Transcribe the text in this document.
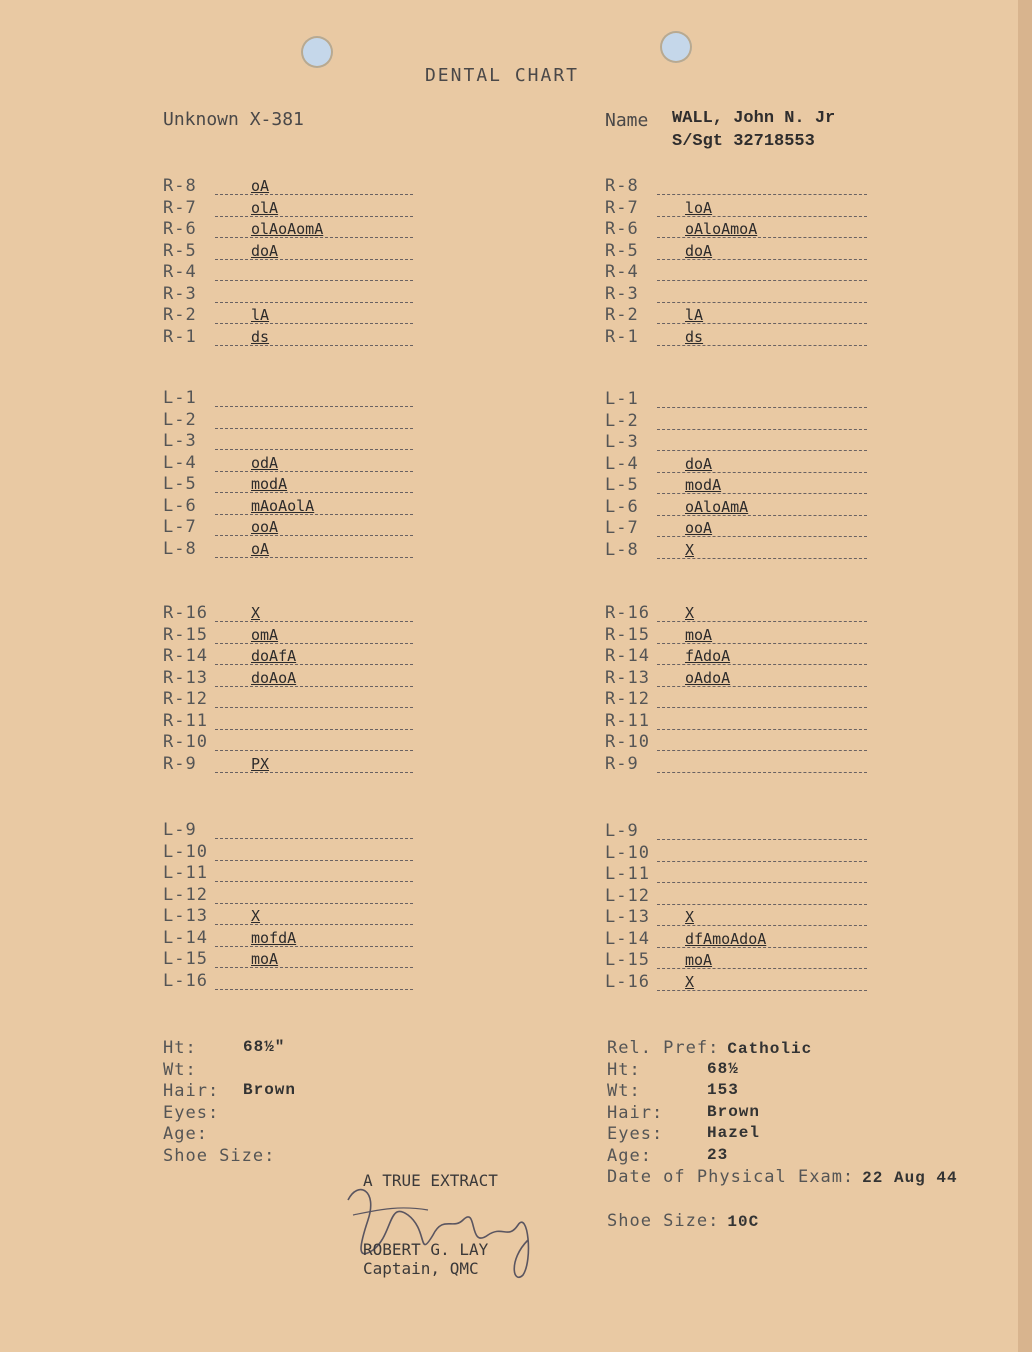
DENTAL CHART
Unknown X-381	Name WALL, John N. Jr
S/Sgt 32718553
R-8	oA
R-7	olA
R-6	olAoAomA
R-5	doA
R-4
R-3
R-2	lA
R-1	ds
L-1
L-2
L-3
L-4	odA
L-5	modA
L-6	mAoAolA
L-7	ooA
L-8	oA
R-16	X
R-15	omA
R-14	doAfA
R-13	doAoA
R-12
R-11
R-10
R-9	PX
L-9
L-10
L-11
L-12
L-13	X
L-14	mofdA
L-15	moA
L-16
R-8
R-7	loA
R-6	oAloAmoA
R-5	doA
R-4
R-3
R-2	lA
R-1	ds
L-1
L-2
L-3
L-4	doA
L-5	modA
L-6	oAloAmA
L-7	ooA
L-8	X
R-16 X
R-15 moA
R-14 fAdoA
R-13 oAdoA
R-12
R-11
R-10
R-9
L-9
L-10
L-11
L-12
L-13 X
L-14 dfAmoAdoA
L-15 moA
L-16 X
Ht:	68½"
Wt:
Hair: Brown
Eyes:
Age:
Shoe Size:
Rel. Pref: Catholic
Ht:	68½
Wt:	153
Hair:	Brown
Eyes:	Hazel
Age:	23
Date of Physical Exam: 22 Aug 44
Shoe Size: 10C
A TRUE EXTRACT
ROBERT G. LAY
Captain, QMC
